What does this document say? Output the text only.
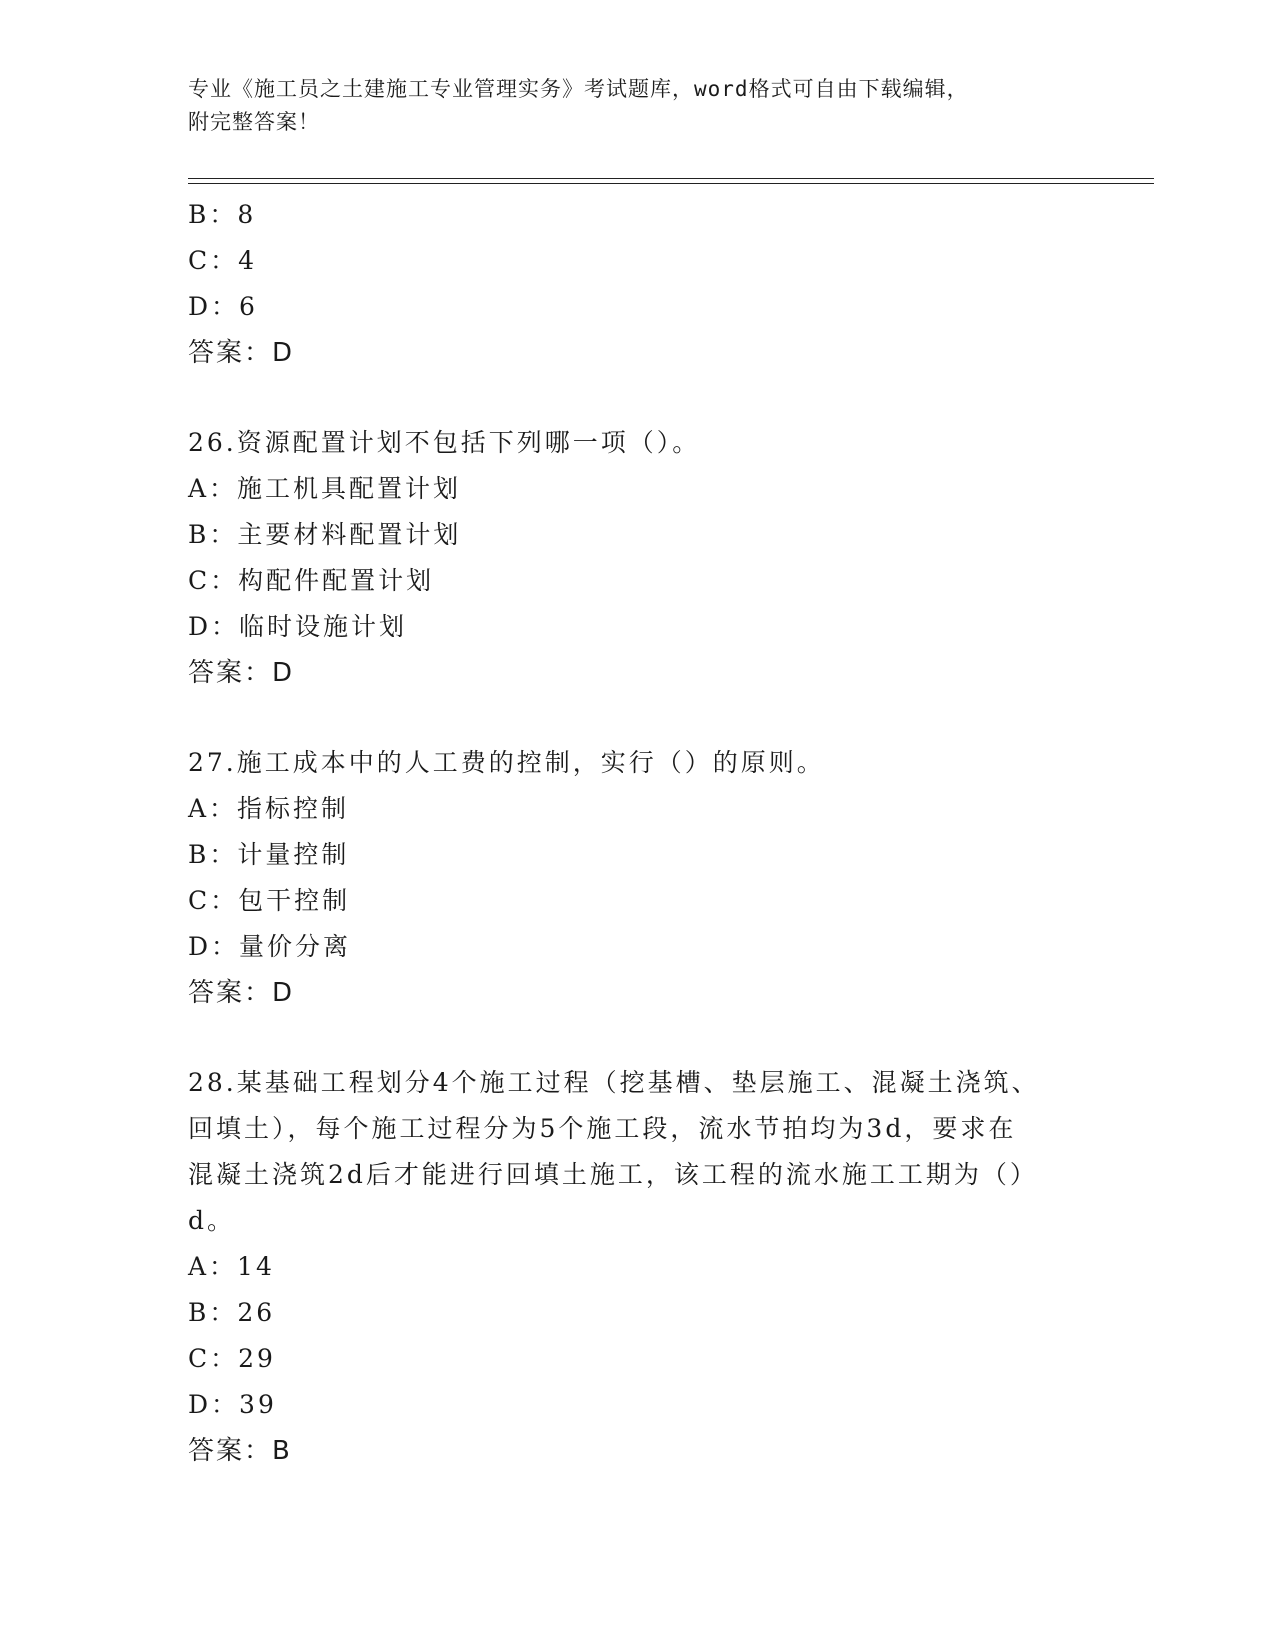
专业《施工员之土建施工专业管理实务》考试题库，word格式可自由下载编辑，
附完整答案！
B：8
C：4
D：6
答案：D
26.资源配置计划不包括下列哪一项（）。
A：施工机具配置计划
B：主要材料配置计划
C：构配件配置计划
D：临时设施计划
答案：D
27.施工成本中的人工费的控制，实行（）的原则。
A：指标控制
B：计量控制
C：包干控制
D：量价分离
答案：D
28.某基础工程划分4个施工过程（挖基槽、垫层施工、混凝土浇筑、
回填土），每个施工过程分为5个施工段，流水节拍均为3d，要求在
混凝土浇筑2d后才能进行回填土施工，该工程的流水施工工期为（）
d。
A：14
B：26
C：29
D：39
答案：B
